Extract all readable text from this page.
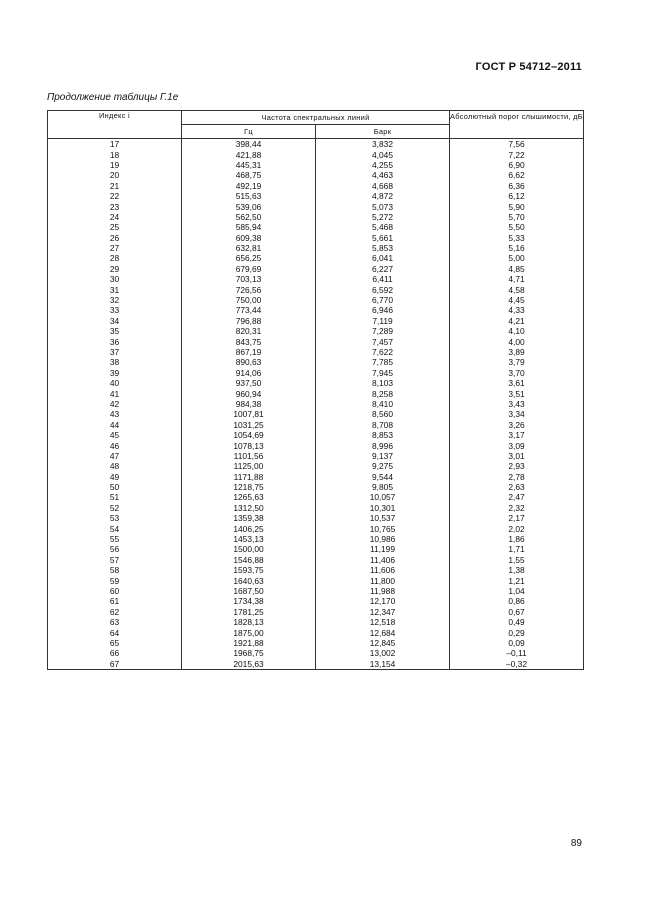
ГОСТ Р 54712–2011
Продолжение таблицы Г.1е
Индекс i	Частота спектральных линий		Абсолютный порог слышимости, дБ
	Гц	Барк	
17	398,44	3,832	7,56
18	421,88	4,045	7,22
19	445,31	4,255	6,90
20	468,75	4,463	6,62
21	492,19	4,668	6,36
22	515,63	4,872	6,12
23	539,06	5,073	5,90
24	562,50	5,272	5,70
25	585,94	5,468	5,50
26	609,38	5,661	5,33
27	632,81	5,853	5,16
28	656,25	6,041	5,00
29	679,69	6,227	4,85
30	703,13	6,411	4,71
31	726,56	6,592	4,58
32	750,00	6,770	4,45
33	773,44	6,946	4,33
34	796,88	7,119	4,21
35	820,31	7,289	4,10
36	843,75	7,457	4,00
37	867,19	7,622	3,89
38	890,63	7,785	3,79
39	914,06	7,945	3,70
40	937,50	8,103	3,61
41	960,94	8,258	3,51
42	984,38	8,410	3,43
43	1007,81	8,560	3,34
44	1031,25	8,708	3,26
45	1054,69	8,853	3,17
46	1078,13	8,996	3,09
47	1101,56	9,137	3,01
48	1125,00	9,275	2,93
49	1171,88	9,544	2,78
50	1218,75	9,805	2,63
51	1265,63	10,057	2,47
52	1312,50	10,301	2,32
53	1359,38	10,537	2,17
54	1406,25	10,765	2,02
55	1453,13	10,986	1,86
56	1500,00	11,199	1,71
57	1546,88	11,406	1,55
58	1593,75	11,606	1,38
59	1640,63	11,800	1,21
60	1687,50	11,988	1,04
61	1734,38	12,170	0,86
62	1781,25	12,347	0,67
63	1828,13	12,518	0,49
64	1875,00	12,684	0,29
65	1921,88	12,845	0,09
66	1968,75	13,002	–0,11
67	2015,63	13,154	–0,32
89
